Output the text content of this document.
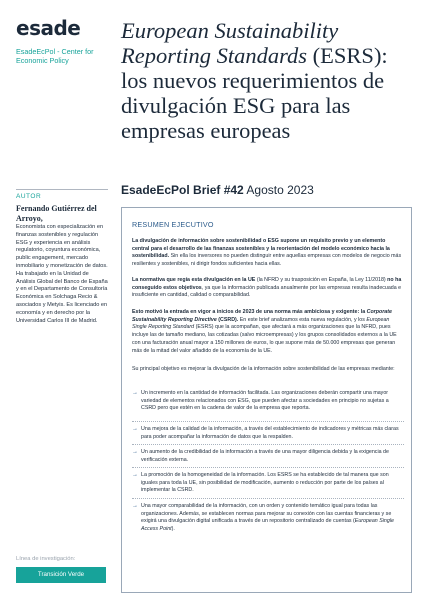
esade
EsadeEcPol - Center for Economic Policy
AUTOR
Fernando Gutiérrez del Arroyo,
Economista con especialización en finanzas sostenibles y regulación ESG y experiencia en análisis regulatorio, coyuntura económica, public engagement, mercado inmobiliario y monetización de datos. Ha trabajado en la Unidad de Análisis Global del Banco de España y en el Departamento de Consultoría Económica en Solchaga Recio & asociados y Metyis. Es licenciado en economía y en derecho por la Universidad Carlos III de Madrid.
Línea de investigación:
Transición Verde
European Sustainability Reporting Standards (ESRS):
los nuevos requerimientos de divulgación ESG para las empresas europeas
EsadeEcPol Brief #42 Agosto 2023
RESUMEN EJECUTIVO
La divulgación de información sobre sostenibilidad o ESG supone un requisito previo y un elemento central para el desarrollo de las finanzas sostenibles y la reorientación del modelo económico hacia la sostenibilidad. Sin ella los inversores no pueden distinguir entre aquellas empresas con modelos de negocio más resilientes y sostenibles, ni dirigir fondos suficientes hacia ellas.
La normativa que regía esta divulgación en la UE (la NFRD y su trasposición en España, la Ley 11/2018) no ha conseguido estos objetivos, ya que la información publicada anualmente por las empresas resulta inadecuada e insuficiente en cantidad, calidad o comparabilidad.
Esto motivó la entrada en vigor a inicios de 2023 de una norma más ambiciosa y exigente: la Corporate Sustainability Reporting Directive (CSRD). En este brief analizamos esta nueva regulación, y los European Single Reporting Standard (ESRS) que la acompañan, que afectará a más organizaciones que la NFRD, pues incluye las de tamaño mediano, las cotizadas (salvo microempresas) y los grupos consolidados externos a la UE con una facturación anual mayor a 150 millones de euros, lo que supone más de 50.000 empresas que generan más de la mitad del valor añadido de la economía de la UE.
Su principal objetivo es mejorar la divulgación de la información sobre sostenibilidad de las empresas mediante:
→ Un incremento en la cantidad de información facilitada. Las organizaciones deberán compartir una mayor variedad de elementos relacionados con ESG, que pueden afectar a sociedades en principio no sujetas a CSRD pero que estén en la cadena de valor de la empresa que reporta.
→ Una mejora de la calidad de la información, a través del establecimiento de indicadores y métricas más claras para poder acompañar la información de datos que la respalden.
→ Un aumento de la credibilidad de la información a través de una mayor diligencia debida y la exigencia de verificación externa.
→ La promoción de la homogeneidad de la información. Los ESRS se ha establecido de tal manera que son iguales para toda la UE, sin posibilidad de modificación, aumento o reducción por parte de los países al implementar la CSRD.
→ Una mayor comparabilidad de la información, con un orden y contenido temático igual para todas las organizaciones. Además, se establecen normas para mejorar su conexión con las cuentas financieras y se exigirá una divulgación digital unificada a través de un repositorio centralizado de cuentas (European Single Access Point).
